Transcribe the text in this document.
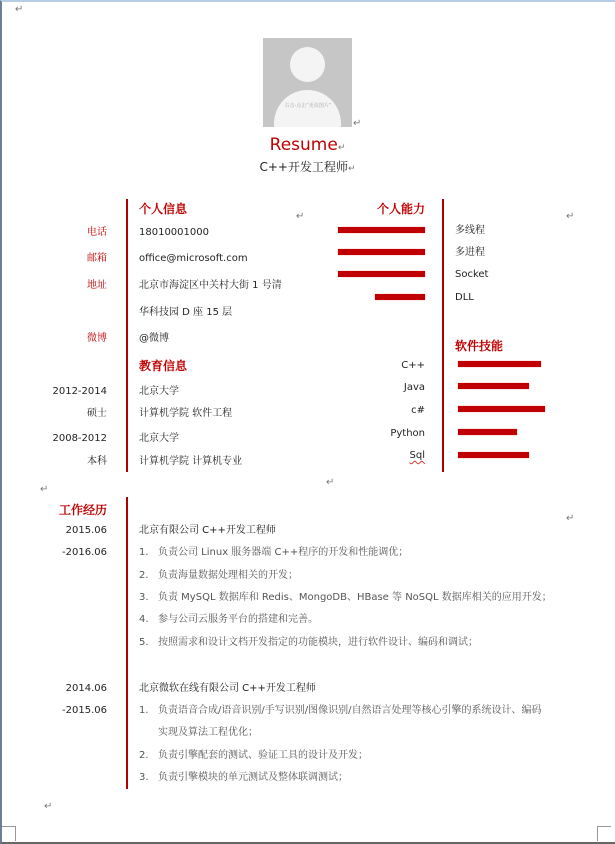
↵
右击-点击“更改图片”
↵
Resume↵
C++开发工程师↵
个人信息
↵
电话	18010001000
邮箱	office@microsoft.com
地址	北京市海淀区中关村大街 1 号清
华科技园 D 座 15 层
微博	@微博
教育信息
2012-2014	北京大学
硕士	计算机学院 软件工程
2008-2012	北京大学
本科	计算机学院 计算机专业
个人能力
↵
多线程
多进程
Socket
DLL
软件技能
C++
Java
c#
Python
Sql
↵
↵
↵
工作经历
2015.06	北京有限公司 C++开发工程师
-2016.06	1. 负责公司 Linux 服务器端 C++程序的开发和性能调优；
2. 负责海量数据处理相关的开发；
3. 负责 MySQL 数据库和 Redis、MongoDB、HBase 等 NoSQL 数据库相关的应用开发；
4. 参与公司云服务平台的搭建和完善。
5. 按照需求和设计文档开发指定的功能模块，进行软件设计、编码和调试；
2014.06	北京微软在线有限公司 C++开发工程师
-2015.06	1. 负责语音合成/语音识别/手写识别/图像识别/自然语言处理等核心引擎的系统设计、编码
实现及算法工程优化；
2. 负责引擎配套的测试、验证工具的设计及开发；
3. 负责引擎模块的单元测试及整体联调测试；
↵
